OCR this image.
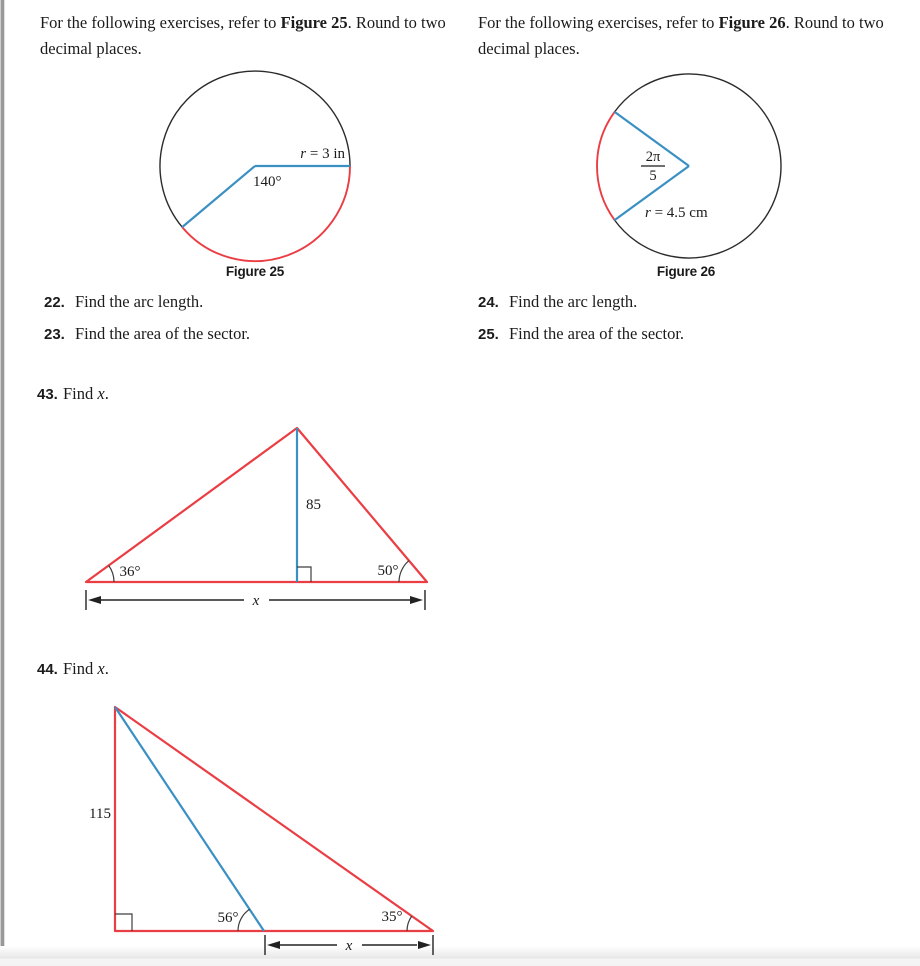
For the following exercises, refer to Figure 25. Round to two decimal places.

For the following exercises, refer to Figure 26. Round to two decimal places.

r = 3 in
140°
Figure 25
2π
5
r = 4.5 cm
Figure 26
22. Find the arc length.
23. Find the area of the sector.
24. Find the arc length.
25. Find the area of the sector.
43. Find x.
85
36°	50°
x
44. Find x.
115
56°	35°
x
